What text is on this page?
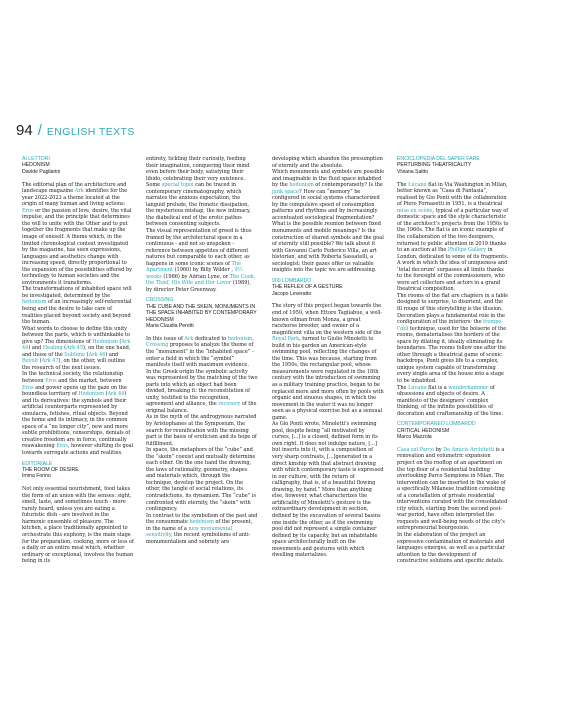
94 / ENGLISH TEXTS
AI LETTORI
HEDONISM
Davide Pagliarini

The editorial plan of the architecture and landscape magazine Ark identifies for the year 2022-2023 a theme located at the origin of many human and living actions: Eros or the passion of love, desire, the vital impulse, and the principle that determines the will to unite with the Other and to put together the fragments that make up the image of oneself. A theme which, in the limited chronological context investigated by the magazine, has seen expressions, languages and aesthetics change with increasing speed, directly proportional to the expansion of the possibilities offered by technology to human societies and the environments it transforms.

The transformations of inhabited space will be investigated, determined by the hedonism of an increasingly self-referential being and the desire to take care of realities placed beyond society and beyond the human.

What words to choose to define this unity between the parts, which is unthinkable to give up? The dimensions of Hedonism (Ark 44) and Healing (Ark 45), on the one hand, and those of the Sublime (Ark 46) and Revolt (Ark 47), on the other, will outline the research of the next issues.

In the technical society, the relationship between Eros and the market, between Eros and power opens up the gaze on the boundless territory of Hedonism (Ark 44) and its derivatives: the symbols and their artificial counterparts represented by simulacra, fetishes, ritual objects. Beyond the home and its intimacy, in the common space of a “no longer city”, new and more subtle prohibitions, censorships, denials of creative freedom are in force, continually reawakening Eros, however shifting its goal towards surrogate actions and realities.

EDITORIALE
THE ROOM OF DESIRE
Imma Forino

Not only essential nourishment, food takes the form of an union with the senses: sight, smell, taste, and sometimes touch - more rarely heard, unless you are eating a futuristic dish - are involved in the harmonic ensemble of pleasure. The kitchen, a place traditionally appointed to orchestrate this euphony, is the main stage for the preparation, cooking, more or less of a daily or an entire meal which, whether ordinary or exceptional, involves the human being in its

entirety, tickling their curiosity, feeding their imagination, conquering their mind even before their body, satisfying their libido, celebrating their very existence. Some special topoi can be traced in contemporary cinematography, which narrates the anxious expectation, the languid prelude, the frenetic dissipation, the mysterious mishap, the new intimacy, the diabolical end of the erotic pathos between consenting subjects.

The visual representation of greed is thus framed by the architectural space in a continuous - and not so unspoken - reference between appetites of different natures but comparable to each other, as happens in some iconic scenes of The Apartment (1960) by Billy Wilder , 9½ weeks (1986) by Adrian Lyne, or The Cook, the Thief, His Wife and Her Lover (1989), by director Peter Greenway.

CROSSING
THE CUBE AND THE SKEIN. MONUMENTS IN THE SPACE INHABITED BY CONTEMPORARY HEDONISM
Maria Claudia Peretti

In this issue of Ark dedicated to hedonism, Crossing proposes to analyze the theme of the “monument” in the “inhabited space” - enter a field in which the “symbol” manifests itself with maximum evidence.

In the Greek origin the symbolic activity was represented by the matching of the two parts into which an object had been divided, breaking it: the reconstitution of unity, testified to the recognition, agreement and alliance, the recovery of the original balance.

As in the myth of the androgynous narrated by Aristophanes at the Symposium, the search for reunification with the missing part is the basis of eroticism and its hope of fulfillment.

In space, the metaphors of the “cube” and the “skein” coexist and mutually determine each other. On the one hand the drawing, the laws of rationality, geometry, shapes and materials which, through the technique, develop the project. On the other, the tangle of social relations, its contradictions, its dynamism. The “cube” is confronted with eternity, the “skein” with contingency.

In contrast to the symbolism of the past and the consummate hedonism of the present, in the name of a new monumental sensitivity, the recent symbolisms of anti-monumentalism and sobriety are

developing which abandon the presumption of eternity and the absolute.

Which monuments and symbols are possible and imaginable in the fluid space inhabited by the hedonism of contemporaneity? Is the junk space? How can “memory” be configured in social systems characterized by the compulsive speed of consumption patterns and rhythms and by increasingly accentuated sociological fragmentation? What is the possible reunion between fixed monuments and mobile meanings? Is the construction of shared symbols and the goal of eternity still possible? We talk about it with Giovanni Carlo Federico Villa, an art historian, and with Roberta Sassatelli, a sociologist: their gazes offer us valuable insights into the topic we are addressing.

900 LOMBARDO
THE REFLEX OF A GESTURE
Jacopo Leveratto

The story of this project began towards the end of 1950, when Ettore Tagliabue, a well-known oilman from Monza, a great racehorse breeder, and owner of a magnificent villa on the western side of the Royal Park, turned to Giulio Minoletti to build in his garden an American-style swimming pool, reflecting the changes of the time. This was because, starting from the 1950s, the rectangular pool, whose measurements were regulated in the 18th century with the introduction of swimming as a military training practice, began to be replaced more and more often by pools with organic and sinuous shapes, in which the movement in the water it was no longer seen as a physical exercise but as a sensual game.

As Gio Ponti wrote, Minoletti’s swimming pool, despite being “all motivated by curves, [...] is a closed, defined form in its own right. It does not indulge nature, [...] but inserts into it, with a composition of very sharp contrasts, [...]generated in a direct kinship with that abstract drawing with which contemporary taste is expressed in our culture, with the return of calligraphy, that is, of a beautiful flowing drawing, by hand.” More than anything else, however, what characterizes the artificiality of Minoletti’s gesture is the extraordinary development in section, defined by the excavation of several basins one inside the other, as if the swimming pool did not represent a simple container defined by its capacity, but an inhabitable space architecturally built on the movements and gestures with which dwelling materializes.

ENCICLOPEDIA DEL SAPER FARE
PERTURBING THEATRICALITY
Viviana Saitto

The Lucano flat in Via Washington in Milan, better known as “Casa di Fantasia”, realised by Gio Ponti with the collaboration of Piero Fornasetti in 1951, is a theatrical mise en scène, typical of a particular way of domestic space and the style characteristic of the architect’s projects from the 1950s to the 1960s. The flat is an iconic example of the collaboration of the two designers, returned to public attention in 2019 thanks to an auction at the Phillips Gallery in London, dedicated to some of its fragments. A work in which the idea of uniqueness and ‘total decorum’ surpasses all limits thanks to the foresight of the commissioners, who were art collectors and actors in a grand theatrical composition.

The rooms of the flat are chapters in a fable designed to surprise, to disorient, and the fil rouge of this storytelling is the illusion. Decoration plays a fundamental role in the configuration of the interiors: the trompe-l’œil technique, used for the boiserie of the rooms, dematerialises the borders of the space by dilating it, ideally eliminating its boundaries. The rooms follow one after the other through a theatrical game of scenic backdrops, Ponti gives life to a complex, unique system capable of transforming every single area of the house into a stage to be inhabited.

The Lucano flat is a wunderkammer of obsessions and objects of desire. A manifesto of the designers’ complex thinking, of the infinite possibilities of decoration and craftsmanship of the time.

CONTEMPORANEO LOMBARDO
CRITICAL HEDONISM
Marco Mazzola

Casa sul Parco by De Amicis Architetti is a renovation and volumetric expansion project on the rooftop of an apartment on the top floor of a residential building overlooking Parco Sempione in Milan. The intervention can be inserted in the wake of a specifically Milanese tradition consisting of a constellation of private residential interventions curated with the consolidated city which, starting from the second post-war period, have often interpreted the requests and well-being needs of the city’s entrepreneurial bourgeoisie.

In the elaboration of the project an expressive contamination of materials and languages emerges, as well as a particular attention to the development of constructive solutions and specific details.
